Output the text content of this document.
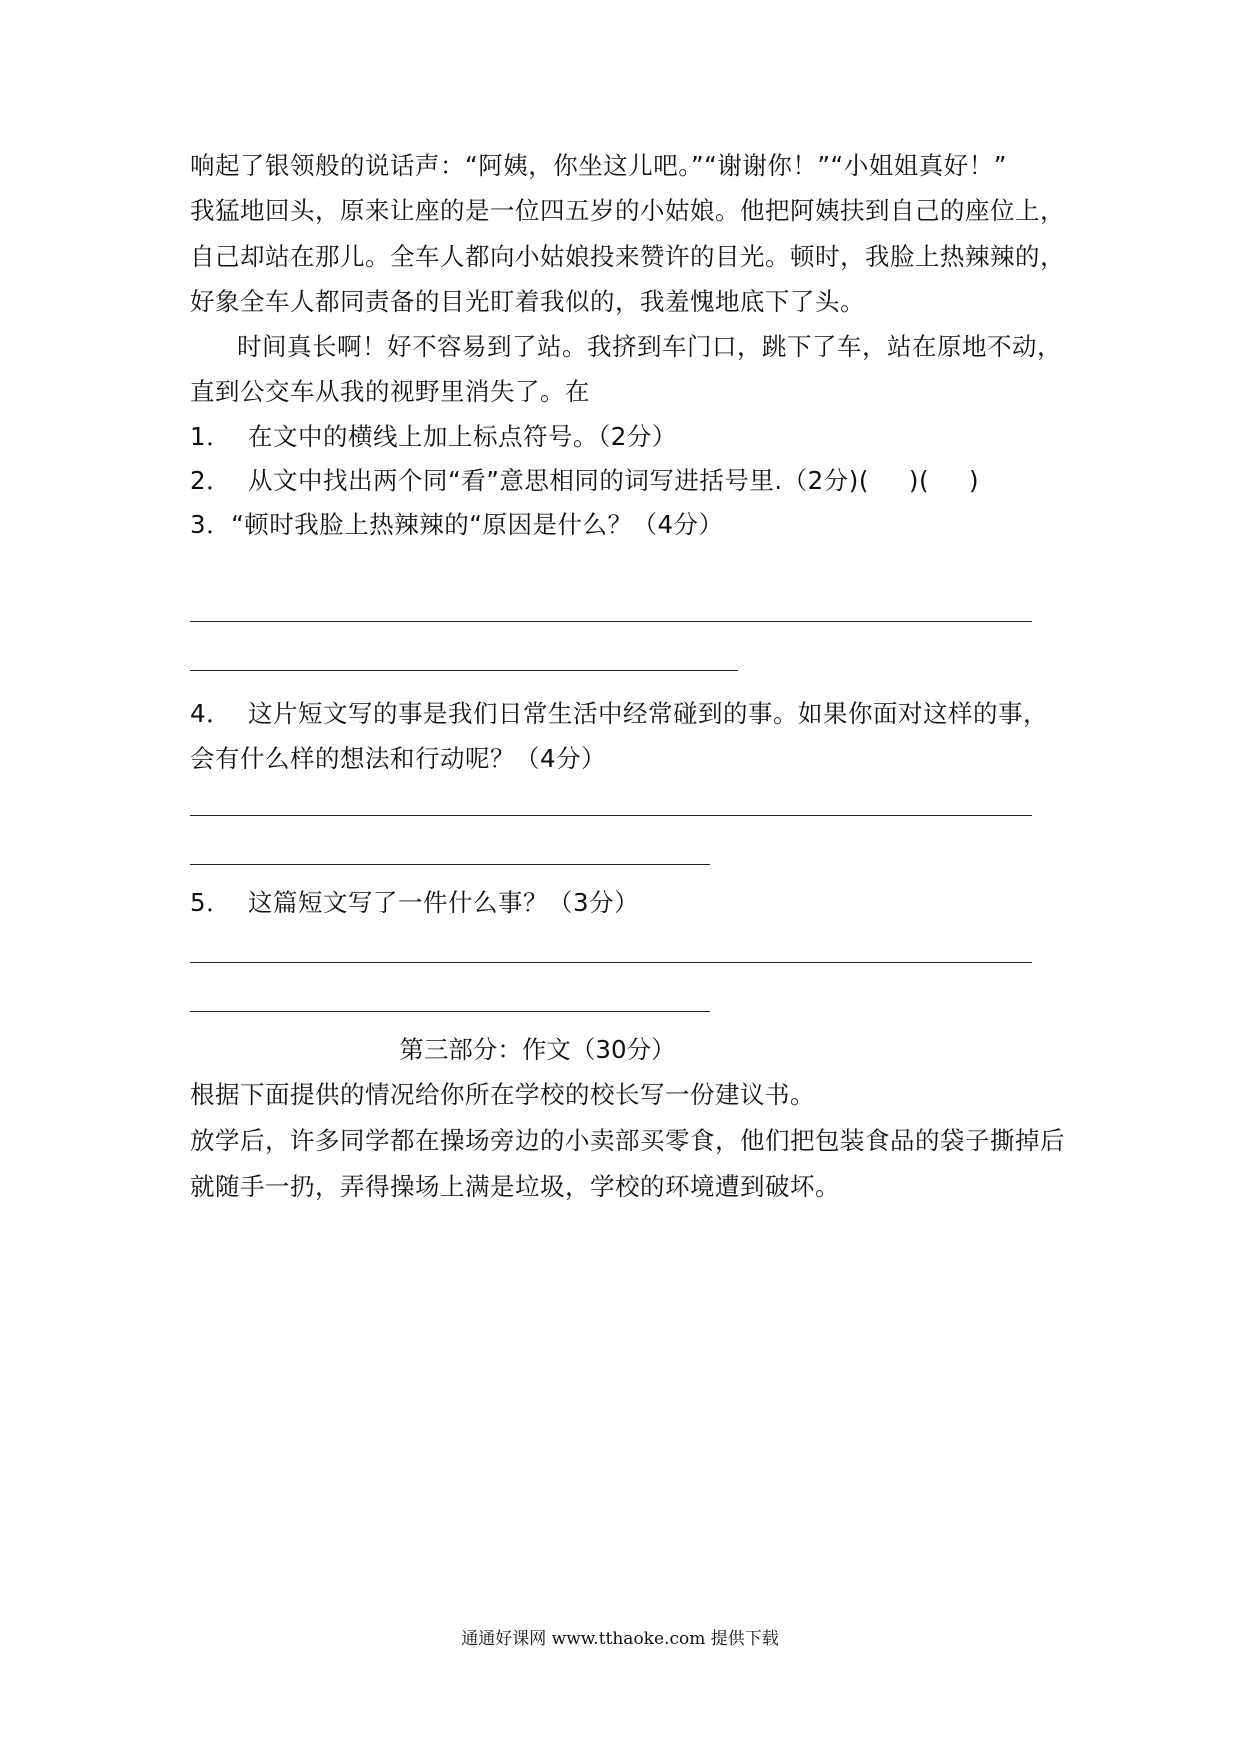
响起了银领般的说话声：“阿姨，你坐这儿吧。”“谢谢你！”“小姐姐真好！”
我猛地回头，原来让座的是一位四五岁的小姑娘。他把阿姨扶到自己的座位上，
自己却站在那儿。全车人都向小姑娘投来赞许的目光。顿时，我脸上热辣辣的，
好象全车人都同责备的目光盯着我似的，我羞愧地底下了头。
时间真长啊！好不容易到了站。我挤到车门口，跳下了车，站在原地不动，
直到公交车从我的视野里消失了。在
1． 在文中的横线上加上标点符号。（2分）
2． 从文中找出两个同“看”意思相同的词写进括号里.（2分)( )( )
3．“顿时我脸上热辣辣的“原因是什么？（4分）
4． 这片短文写的事是我们日常生活中经常碰到的事。如果你面对这样的事，
会有什么样的想法和行动呢？（4分）
5． 这篇短文写了一件什么事？（3分）
第三部分：作文（30分）
根据下面提供的情况给你所在学校的校长写一份建议书。
放学后，许多同学都在操场旁边的小卖部买零食，他们把包装食品的袋子撕掉后
就随手一扔，弄得操场上满是垃圾，学校的环境遭到破坏。
通通好课网 www.tthaoke.com 提供下载
